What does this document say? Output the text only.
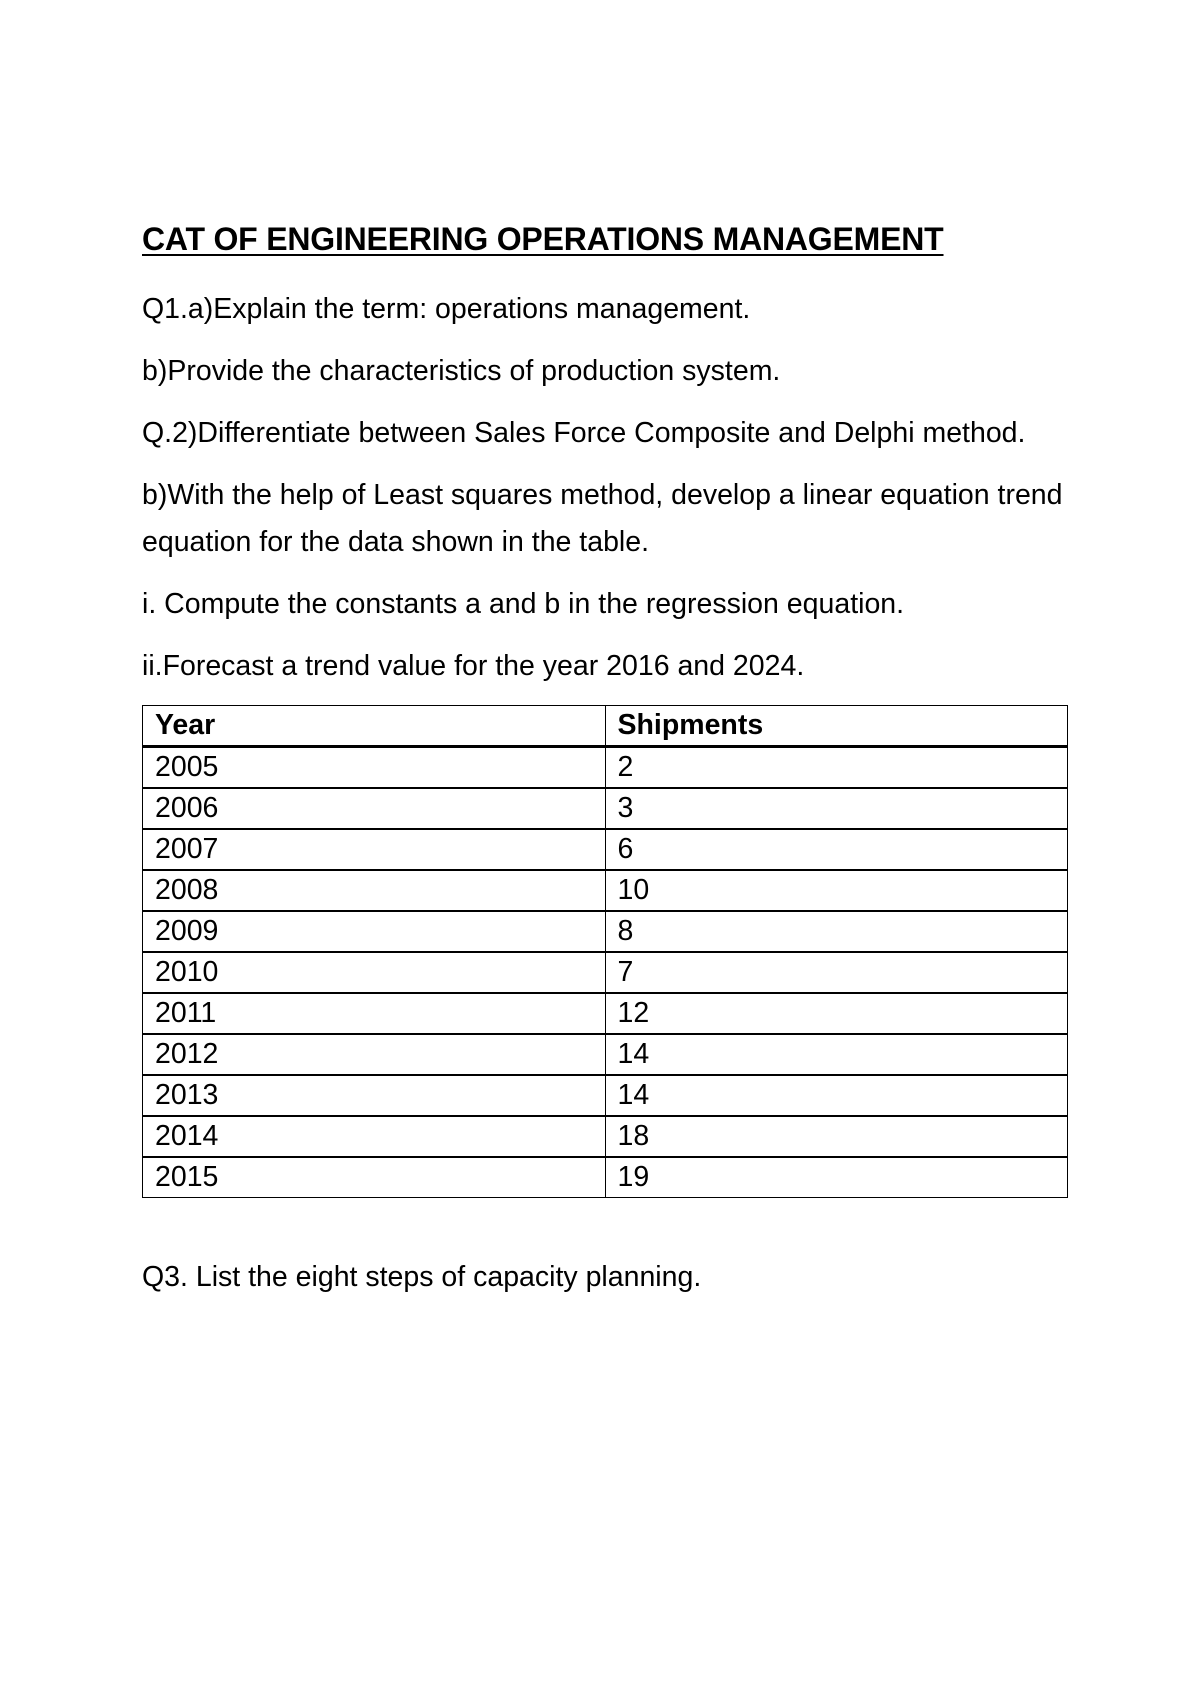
CAT OF ENGINEERING OPERATIONS MANAGEMENT

Q1.a)Explain the term: operations management.

b)Provide the characteristics of production system.

Q.2)Differentiate between Sales Force Composite and Delphi method.

b)With the help of Least squares method, develop a linear equation trend equation for the data shown in the table.

i. Compute the constants a and b in the regression equation.

ii.Forecast a trend value for the year 2016 and 2024.

Year	Shipments
2005	2
2006	3
2007	6
2008	10
2009	8
2010	7
2011	12
2012	14
2013	14
2014	18
2015	19

Q3. List the eight steps of capacity planning.
